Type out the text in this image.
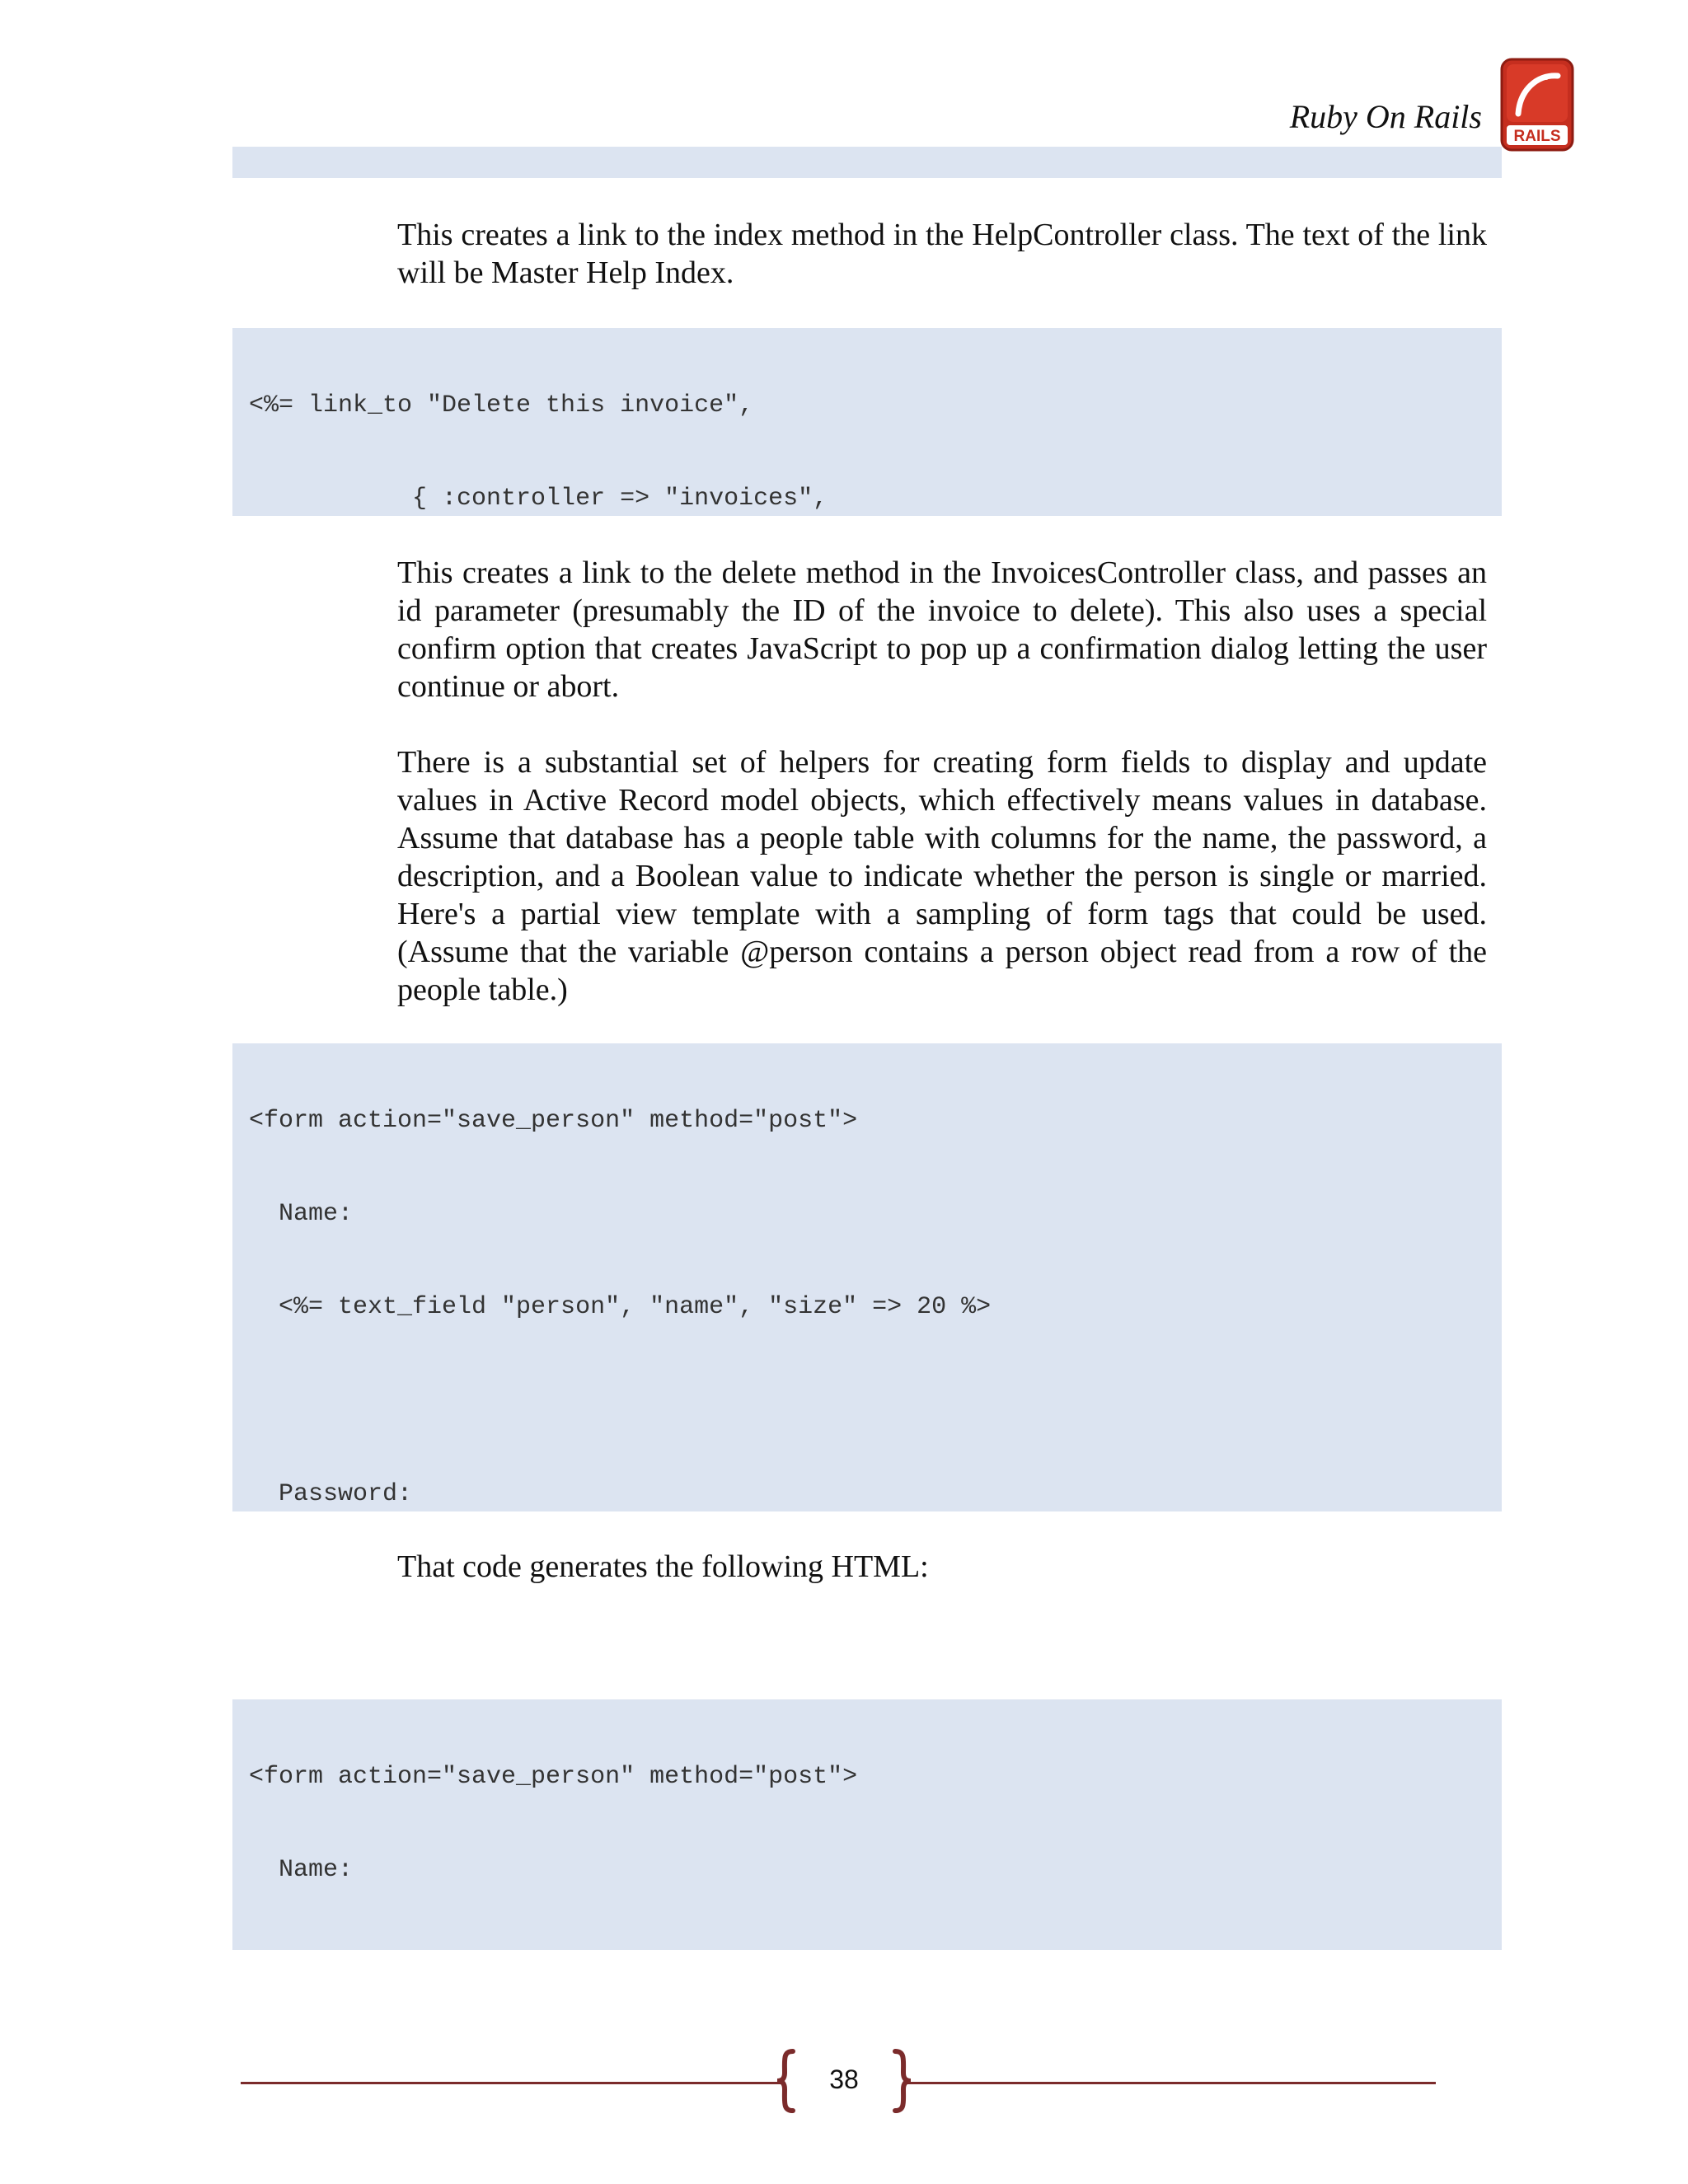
Ruby On Rails
RAILS

This creates a link to the index method in the HelpController class. The text of the link will be Master Help Index.

<%= link_to "Delete this invoice",

{ :controller => "invoices",

This creates a link to the delete method in the InvoicesController class, and passes an id parameter (presumably the ID of the invoice to delete). This also uses a special confirm option that creates JavaScript to pop up a confirmation dialog letting the user continue or abort.
There is a substantial set of helpers for creating form fields to display and update values in Active Record model objects, which effectively means values in database. Assume that database has a people table with columns for the name, the password, a description, and a Boolean value to indicate whether the person is single or married. Here's a partial view template with a sampling of form tags that could be used. (Assume that the variable @person contains a person object read from a row of the people table.)

<form action="save_person" method="post">

Name:

<%= text_field "person", "name", "size" => 20 %>

Password:

That code generates the following HTML:

<form action="save_person" method="post">

Name:

38
